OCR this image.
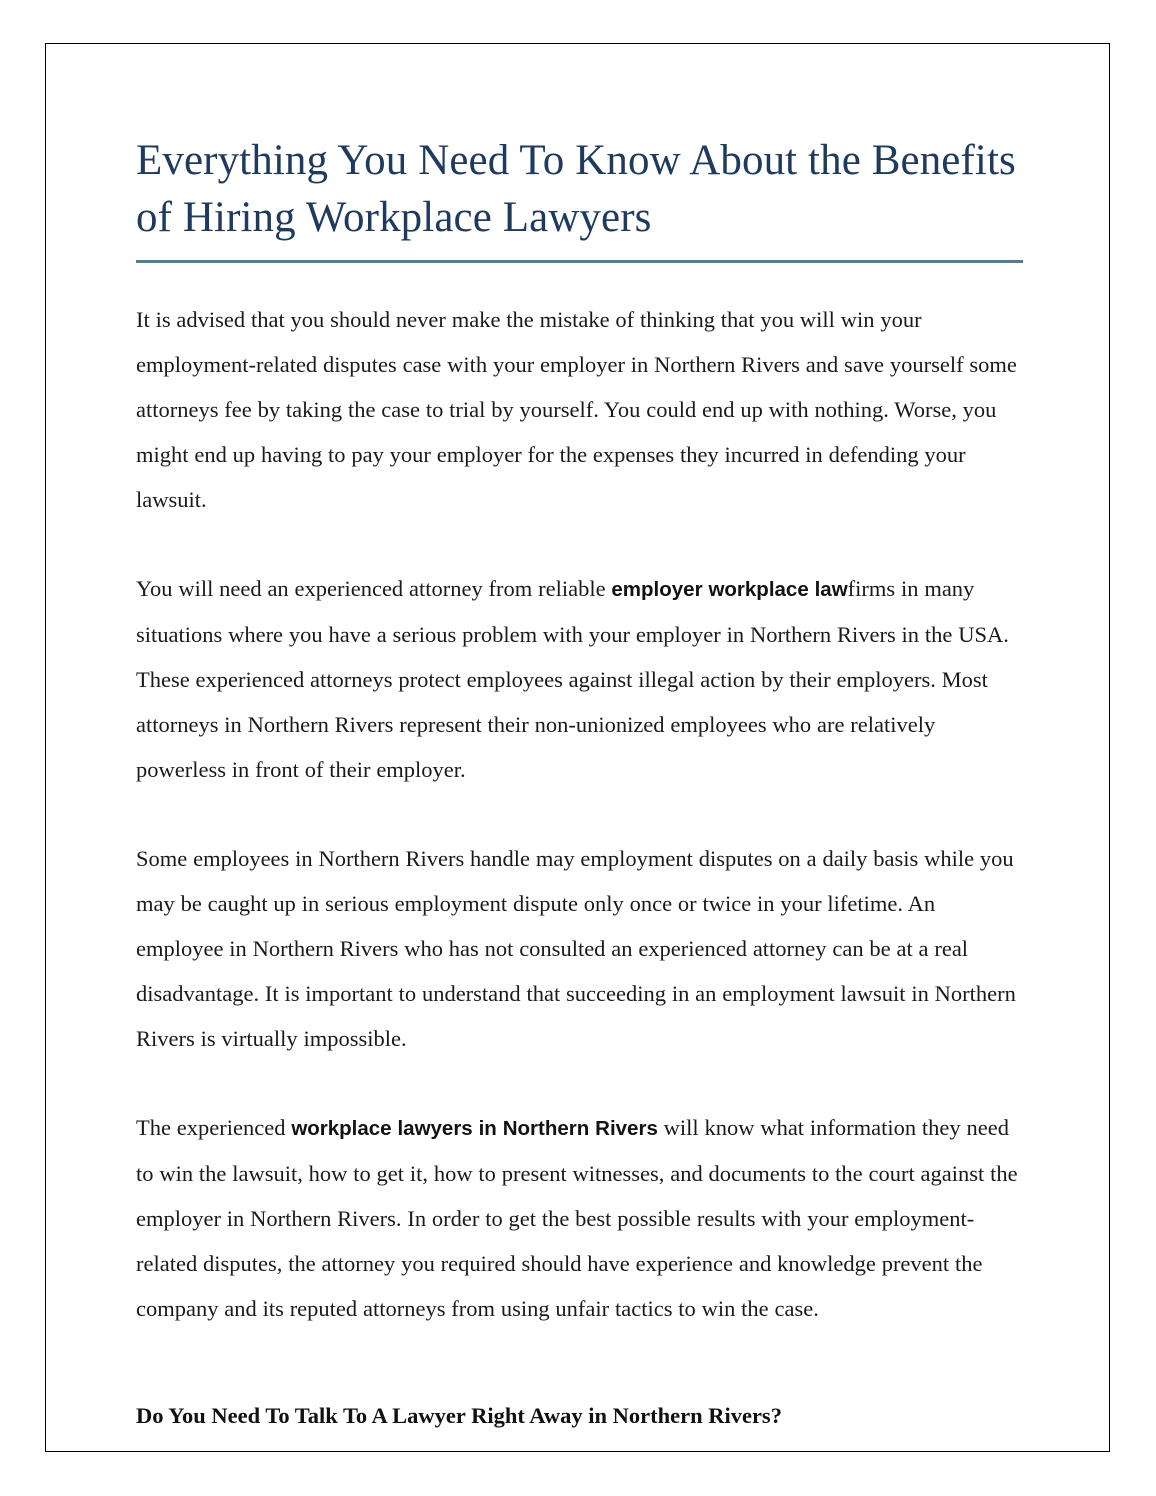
Everything You Need To Know About the Benefits of Hiring Workplace Lawyers

It is advised that you should never make the mistake of thinking that you will win your employment-related disputes case with your employer in Northern Rivers and save yourself some attorneys fee by taking the case to trial by yourself. You could end up with nothing. Worse, you might end up having to pay your employer for the expenses they incurred in defending your lawsuit.

You will need an experienced attorney from reliable employer workplace lawfirms in many situations where you have a serious problem with your employer in Northern Rivers in the USA. These experienced attorneys protect employees against illegal action by their employers. Most attorneys in Northern Rivers represent their non-unionized employees who are relatively powerless in front of their employer.

Some employees in Northern Rivers handle may employment disputes on a daily basis while you may be caught up in serious employment dispute only once or twice in your lifetime. An employee in Northern Rivers who has not consulted an experienced attorney can be at a real disadvantage. It is important to understand that succeeding in an employment lawsuit in Northern Rivers is virtually impossible.

The experienced workplace lawyers in Northern Rivers will know what information they need to win the lawsuit, how to get it, how to present witnesses, and documents to the court against the employer in Northern Rivers. In order to get the best possible results with your employment-related disputes, the attorney you required should have experience and knowledge prevent the company and its reputed attorneys from using unfair tactics to win the case.

Do You Need To Talk To A Lawyer Right Away in Northern Rivers?
